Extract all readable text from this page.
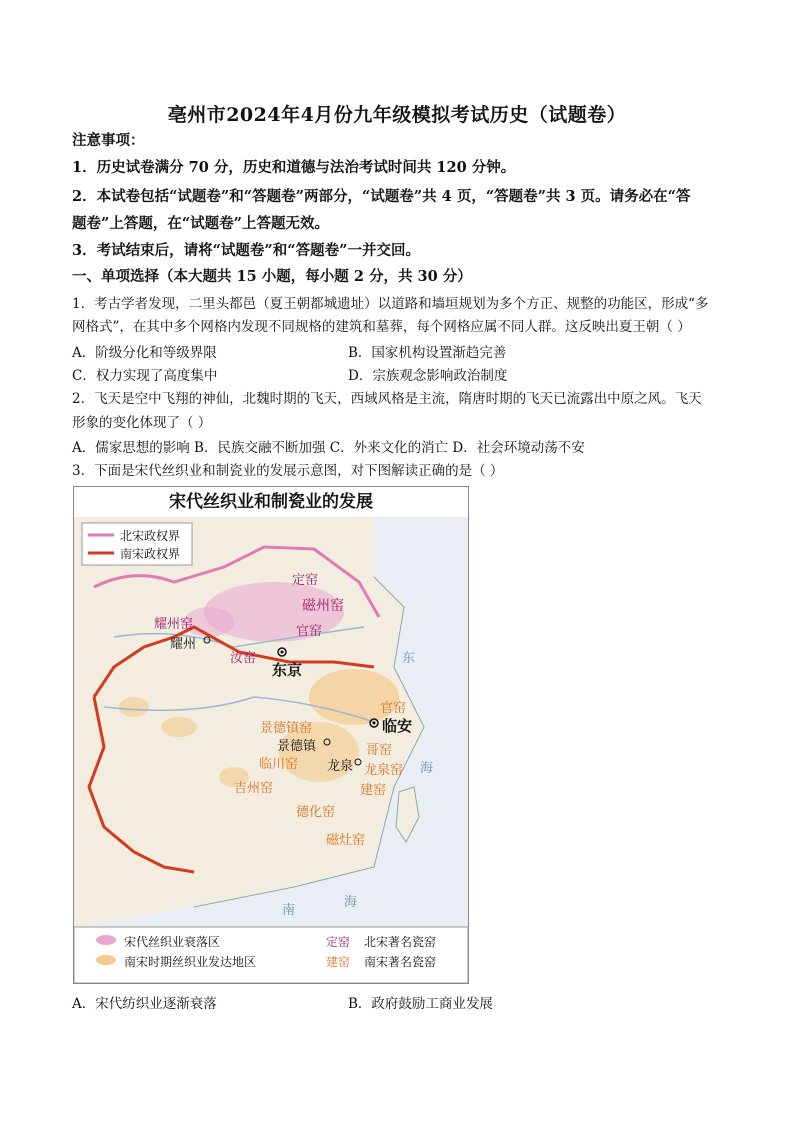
亳州市2024年4月份九年级模拟考试历史（试题卷）
注意事项：
1．历史试卷满分 70 分，历史和道德与法治考试时间共 120 分钟。
2．本试卷包括“试题卷”和“答题卷”两部分，“试题卷”共 4 页，“答题卷”共 3 页。请务必在“答
题卷”上答题，在“试题卷”上答题无效。
3．考试结束后，请将“试题卷”和“答题卷”一并交回。
一、单项选择（本大题共 15 小题，每小题 2 分，共 30 分）
1．考古学者发现，二里头都邑（夏王朝都城遗址）以道路和墙垣规划为多个方正、规整的功能区，形成“多
网格式”，在其中多个网格内发现不同规格的建筑和墓葬，每个网格应属不同人群。这反映出夏王朝（ ）
A．阶级分化和等级界限	B．国家机构设置渐趋完善
C．权力实现了高度集中	D．宗族观念影响政治制度
2．飞天是空中飞翔的神仙，北魏时期的飞天，西域风格是主流，隋唐时期的飞天已流露出中原之风。飞天
形象的变化体现了（ ）
A．儒家思想的影响 B．民族交融不断加强 C．外来文化的消亡 D．社会环境动荡不安
3．下面是宋代丝织业和制瓷业的发展示意图，对下图解读正确的是（ ）
宋代丝织业和制瓷业的发展
北宋政权界
南宋政权界
定窑
磁州窑
官窑
耀州窑
汝窑
耀州
东京
临安
景德镇
龙泉
官窑
景德镇窑
哥窑
龙泉窑
临川窑
吉州窑	建窑
德化窑
磁灶窑
东
海
南
海
宋代丝织业衰落区
南宋时期丝织业发达地区
定窑 北宋著名瓷窑
建窑 南宋著名瓷窑
A．宋代纺织业逐渐衰落	B．政府鼓励工商业发展
